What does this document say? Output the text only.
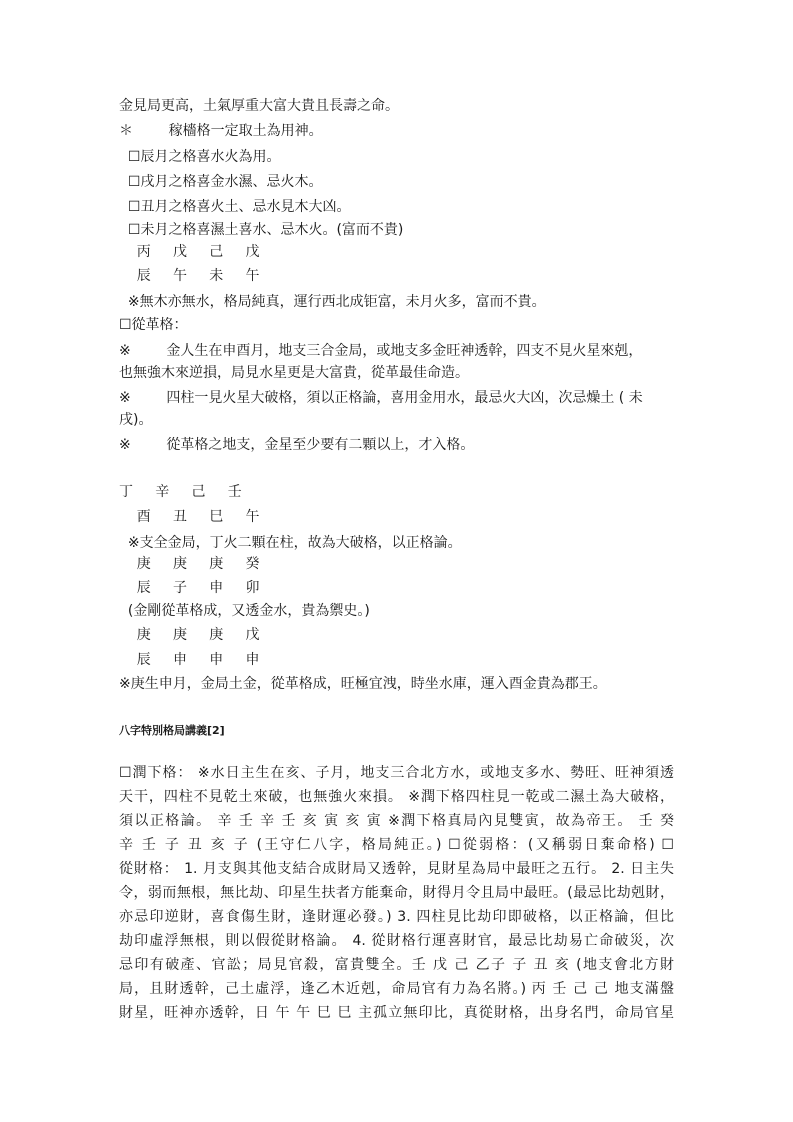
金見局更高，土氣厚重大富大貴且長壽之命。
＊        稼檣格一定取土為用神。
☐辰月之格喜水火為用。
☐戌月之格喜金水濕、忌火木。
☐丑月之格喜火土、忌水見木大凶。
☐未月之格喜濕土喜水、忌木火。(富而不貴)
丙     戊     己     戊
辰     午     未     午
※無木亦無水，格局純真，運行西北成钜富，未月火多，富而不貴。
☐從革格：
※        金人生在申酉月，地支三合金局，或地支多金旺神透幹，四支不見火星來剋，
也無強木來逆損，局見水星更是大富貴，從革最佳命造。
※        四柱一見火星大破格，須以正格論，喜用金用水，最忌火大凶，次忌燥土 ( 未
戌)。
※        從革格之地支，金星至少要有二顆以上，才入格。
丁     辛     己     壬
酉     丑     巳     午
※支全金局，丁火二顆在柱，故為大破格，以正格論。
庚     庚     庚     癸
辰     子     申     卯
(金剛從革格成，又透金水，貴為禦史。)
庚     庚     庚     戊
辰     申     申     申
※庚生申月，金局土金，從革格成，旺極宜洩，時坐水庫，運入酉金貴為郡王。
八字特別格局講義[2]
☐潤下格： ※水日主生在亥、子月，地支三合北方水，或地支多水、勢旺、旺神須透
天干，四柱不見乾土來破，也無強火來損。 ※潤下格四柱見一乾或二濕土為大破格，
須以正格論。 辛 壬 辛 壬 亥 寅 亥 寅 ※潤下格真局內見雙寅，故為帝王。 壬 癸
辛 壬 子 丑 亥 子 (王守仁八字，格局純正。) ☐從弱格：(又稱弱日棄命格) ☐
從財格： 1. 月支與其他支結合成財局又透幹，見財星為局中最旺之五行。 2. 日主失
令，弱而無根，無比劫、印星生扶者方能棄命，財得月令且局中最旺。(最忌比劫剋財，
亦忌印逆財，喜食傷生財，逢財運必發。) 3. 四柱見比劫印即破格，以正格論，但比
劫印虛浮無根，則以假從財格論。 4. 從財格行運喜財官，最忌比劫易亡命破災，次
忌印有破產、官訟；局見官殺，富貴雙全。壬 戊 己 乙子 子 丑 亥 (地支會北方財
局，且財透幹，己土虛浮，逢乙木近剋，命局官有力為名將。) 丙 壬 己 己 地支滿盤
財星，旺神亦透幹，日 午 午 巳 巳 主孤立無印比，真從財格，出身名門，命局官星
